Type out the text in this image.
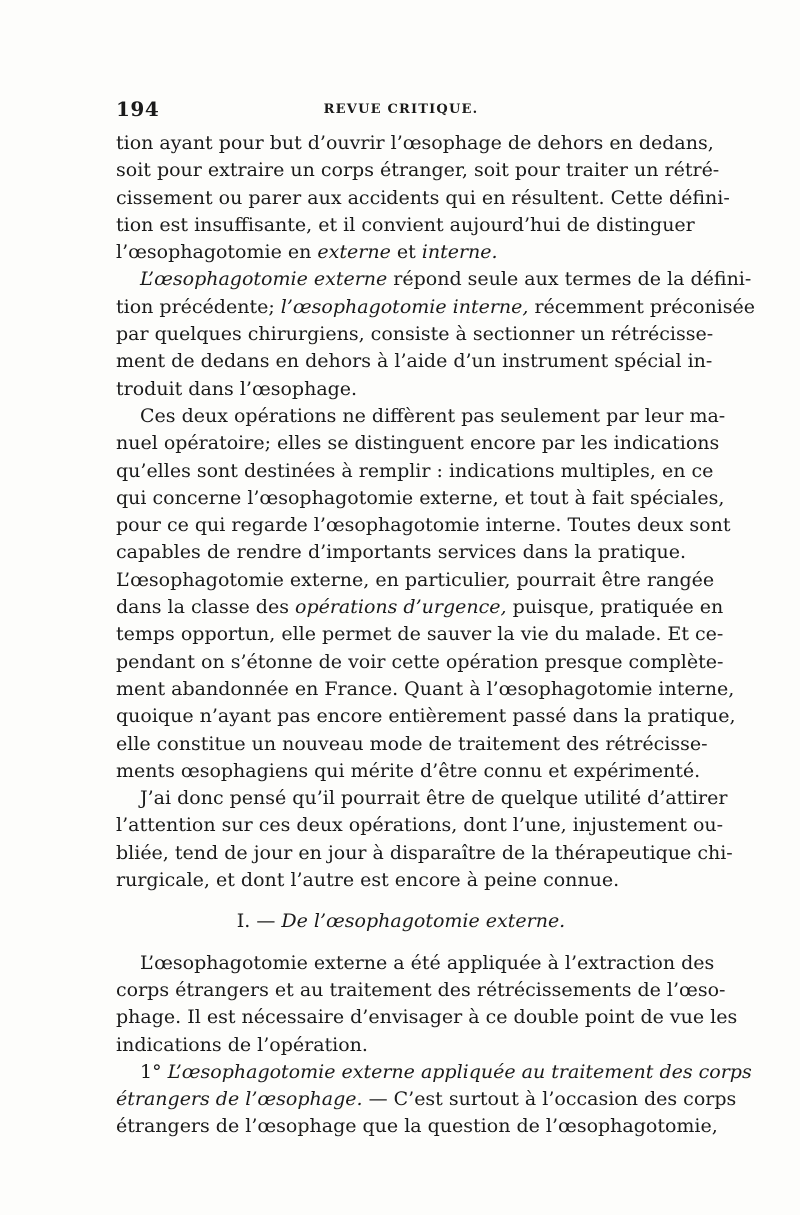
194	REVUE CRITIQUE.
tion ayant pour but d’ouvrir l’œsophage de dehors en dedans,
soit pour extraire un corps étranger, soit pour traiter un rétré-
cissement ou parer aux accidents qui en résultent. Cette défini-
tion est insuffisante, et il convient aujourd’hui de distinguer
l’œsophagotomie en externe et interne.
L’œsophagotomie externe répond seule aux termes de la défini-
tion précédente; l’œsophagotomie interne, récemment préconisée
par quelques chirurgiens, consiste à sectionner un rétrécisse-
ment de dedans en dehors à l’aide d’un instrument spécial in-
troduit dans l’œsophage.
Ces deux opérations ne diffèrent pas seulement par leur ma-
nuel opératoire; elles se distinguent encore par les indications
qu’elles sont destinées à remplir : indications multiples, en ce
qui concerne l’œsophagotomie externe, et tout à fait spéciales,
pour ce qui regarde l’œsophagotomie interne. Toutes deux sont
capables de rendre d’importants services dans la pratique.
L’œsophagotomie externe, en particulier, pourrait être rangée
dans la classe des opérations d’urgence, puisque, pratiquée en
temps opportun, elle permet de sauver la vie du malade. Et ce-
pendant on s’étonne de voir cette opération presque complète-
ment abandonnée en France. Quant à l’œsophagotomie interne,
quoique n’ayant pas encore entièrement passé dans la pratique,
elle constitue un nouveau mode de traitement des rétrécisse-
ments œsophagiens qui mérite d’être connu et expérimenté.
J’ai donc pensé qu’il pourrait être de quelque utilité d’attirer
l’attention sur ces deux opérations, dont l’une, injustement ou-
bliée, tend de jour en jour à disparaître de la thérapeutique chi-
rurgicale, et dont l’autre est encore à peine connue.
I. — De l’œsophagotomie externe.
L’œsophagotomie externe a été appliquée à l’extraction des
corps étrangers et au traitement des rétrécissements de l’œso-
phage. Il est nécessaire d’envisager à ce double point de vue les
indications de l’opération.
1° L’œsophagotomie externe appliquée au traitement des corps
étrangers de l’œsophage. — C’est surtout à l’occasion des corps
étrangers de l’œsophage que la question de l’œsophagotomie,
